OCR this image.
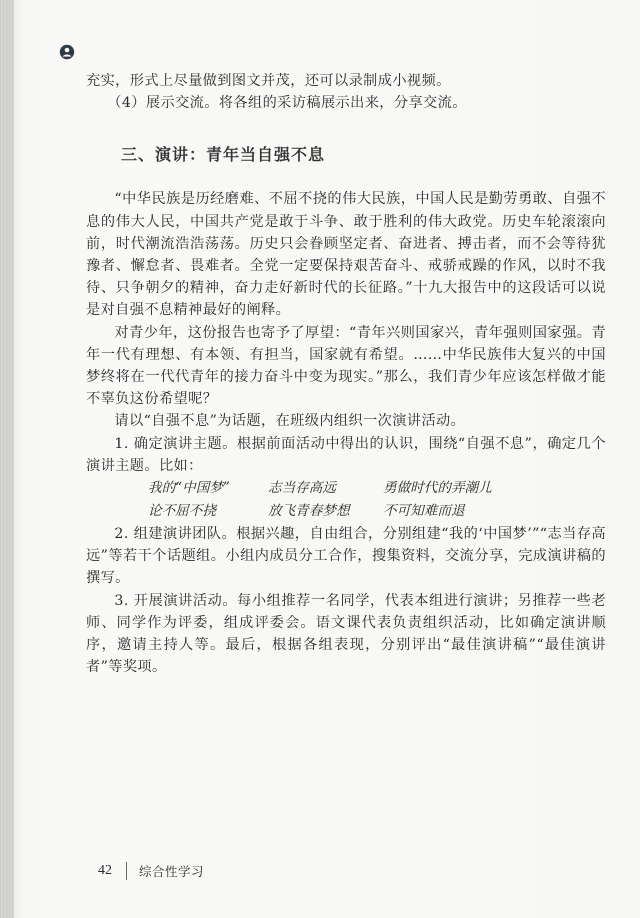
充实，形式上尽量做到图文并茂，还可以录制成小视频。

（4）展示交流。将各组的采访稿展示出来，分享交流。

三、演讲：青年当自强不息

“中华民族是历经磨难、不屈不挠的伟大民族，中国人民是勤劳勇敢、自强不息的伟大人民，中国共产党是敢于斗争、敢于胜利的伟大政党。历史车轮滚滚向前，时代潮流浩浩荡荡。历史只会眷顾坚定者、奋进者、搏击者，而不会等待犹豫者、懈怠者、畏难者。全党一定要保持艰苦奋斗、戒骄戒躁的作风，以时不我待、只争朝夕的精神，奋力走好新时代的长征路。”十九大报告中的这段话可以说是对自强不息精神最好的阐释。

对青少年，这份报告也寄予了厚望：“青年兴则国家兴，青年强则国家强。青年一代有理想、有本领、有担当，国家就有希望。……中华民族伟大复兴的中国梦终将在一代代青年的接力奋斗中变为现实。”那么，我们青少年应该怎样做才能不辜负这份希望呢？

请以“自强不息”为话题，在班级内组织一次演讲活动。

1. 确定演讲主题。根据前面活动中得出的认识，围绕“自强不息”，确定几个演讲主题。比如：

我的“中国梦”	志当存高远	勇做时代的弄潮儿
论不屈不挠	放飞青春梦想	不可知难而退

2. 组建演讲团队。根据兴趣，自由组合，分别组建“我的‘中国梦’”“志当存高远”等若干个话题组。小组内成员分工合作，搜集资料，交流分享，完成演讲稿的撰写。

3. 开展演讲活动。每小组推荐一名同学，代表本组进行演讲；另推荐一些老师、同学作为评委，组成评委会。语文课代表负责组织活动，比如确定演讲顺序，邀请主持人等。最后，根据各组表现，分别评出“最佳演讲稿”“最佳演讲者”等奖项。

42 综合性学习
